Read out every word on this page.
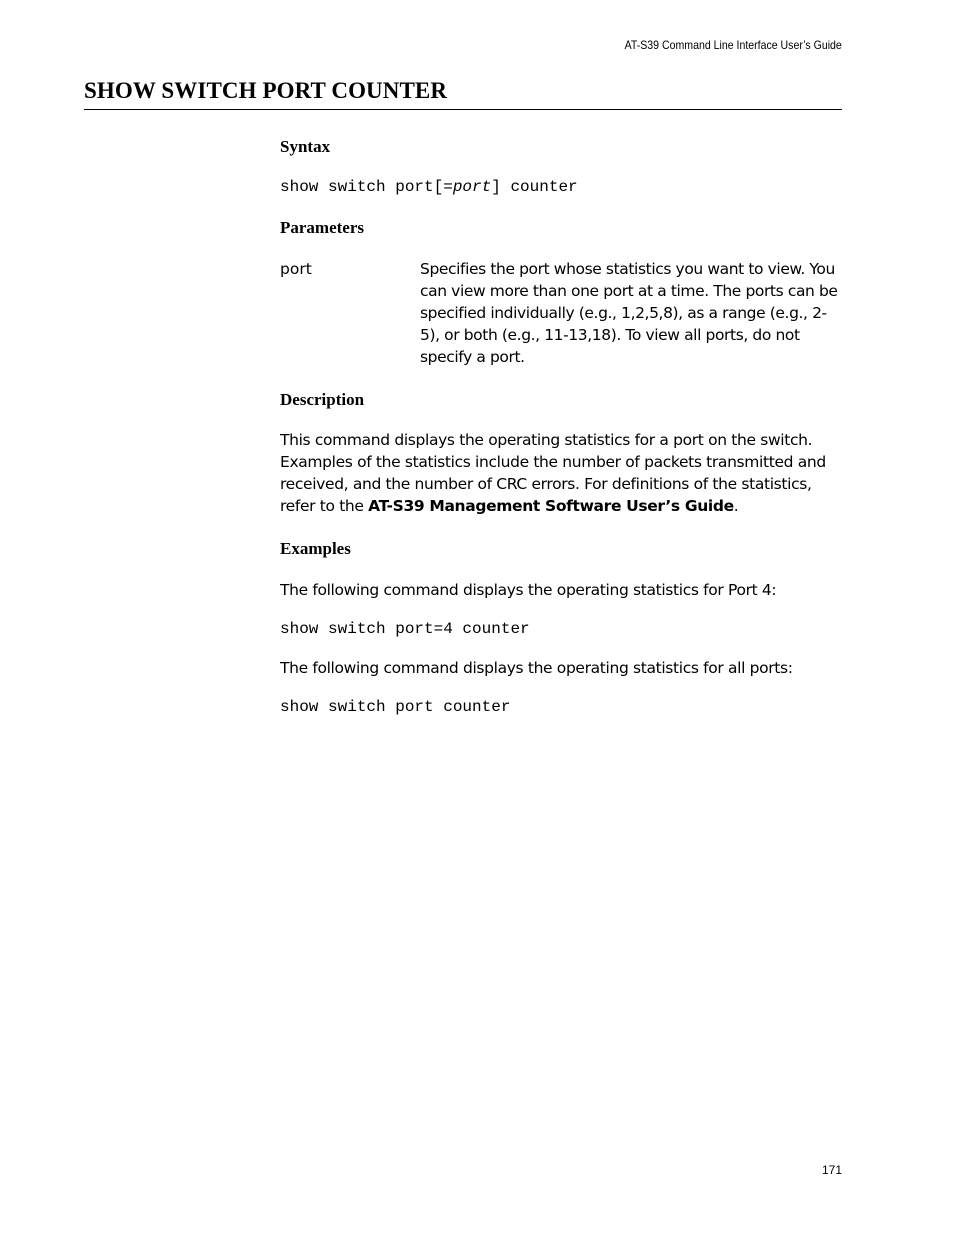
AT-S39 Command Line Interface User’s Guide
SHOW SWITCH PORT COUNTER
Syntax

show switch port[=port] counter

Parameters

port	Specifies the port whose statistics you want to view. You can view more than one port at a time. The ports can be specified individually (e.g., 1,2,5,8), as a range (e.g., 2-5), or both (e.g., 11-13,18). To view all ports, do not specify a port.

Description

This command displays the operating statistics for a port on the switch. Examples of the statistics include the number of packets transmitted and received, and the number of CRC errors. For definitions of the statistics, refer to the AT-S39 Management Software User’s Guide.

Examples

The following command displays the operating statistics for Port 4:

show switch port=4 counter

The following command displays the operating statistics for all ports:

show switch port counter

171
